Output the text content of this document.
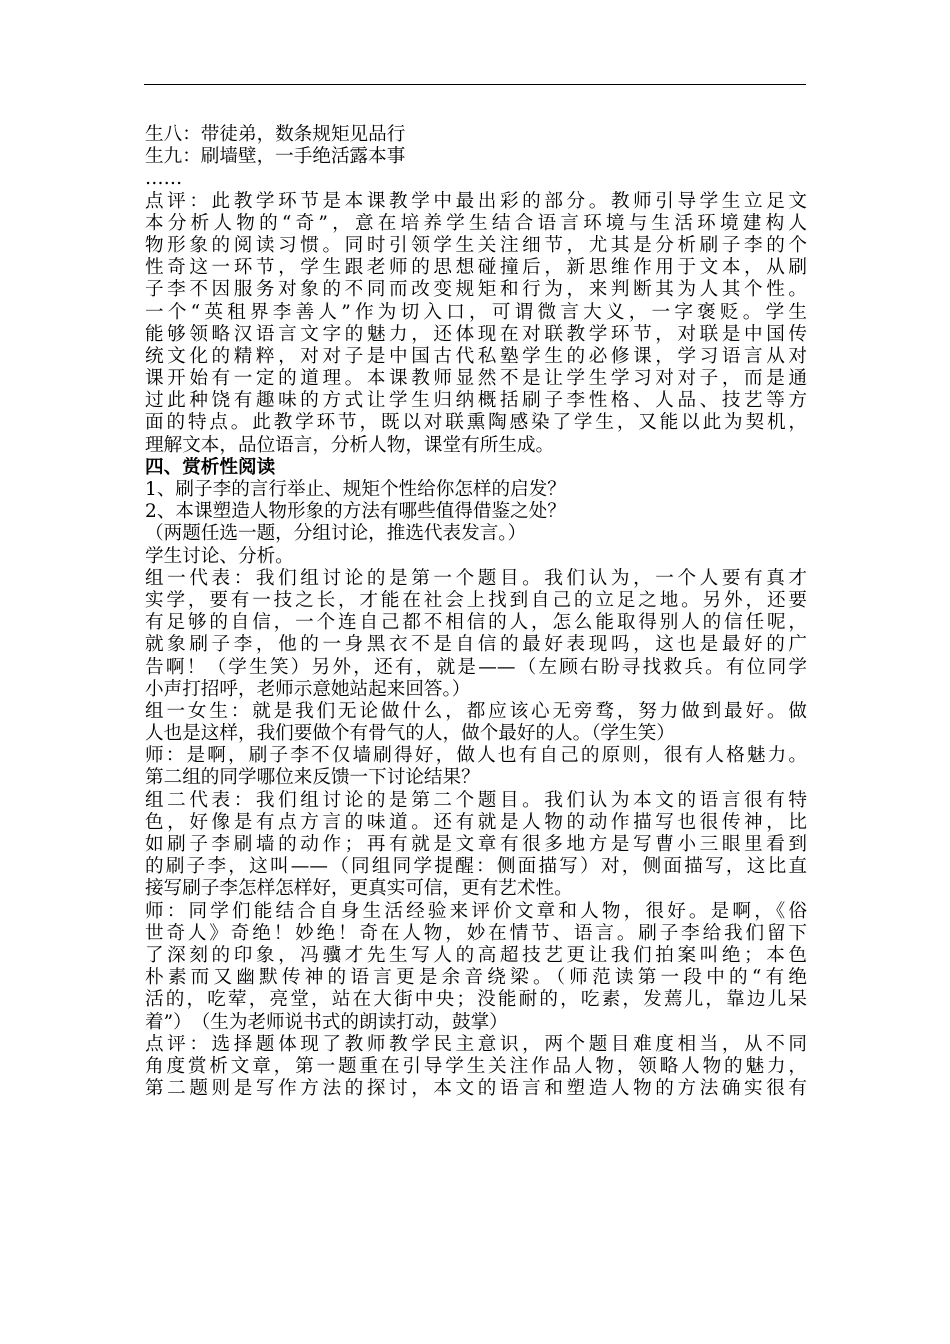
生八：带徒弟，数条规矩见品行
生九：刷墙壁，一手绝活露本事
……
点评：此教学环节是本课教学中最出彩的部分。教师引导学生立足文
本分析人物的“奇”，意在培养学生结合语言环境与生活环境建构人
物形象的阅读习惯。同时引领学生关注细节，尤其是分析刷子李的个
性奇这一环节，学生跟老师的思想碰撞后，新思维作用于文本，从刷
子李不因服务对象的不同而改变规矩和行为，来判断其为人其个性。
一个“英租界李善人”作为切入口，可谓微言大义，一字褒贬。学生
能够领略汉语言文字的魅力，还体现在对联教学环节，对联是中国传
统文化的精粹，对对子是中国古代私塾学生的必修课，学习语言从对
课开始有一定的道理。本课教师显然不是让学生学习对对子，而是通
过此种饶有趣味的方式让学生归纳概括刷子李性格、人品、技艺等方
面的特点。此教学环节，既以对联熏陶感染了学生，又能以此为契机，
理解文本，品位语言，分析人物，课堂有所生成。
四、赏析性阅读
1、刷子李的言行举止、规矩个性给你怎样的启发？
2、本课塑造人物形象的方法有哪些值得借鉴之处？
（两题任选一题，分组讨论，推选代表发言。）
学生讨论、分析。
组一代表：我们组讨论的是第一个题目。我们认为，一个人要有真才
实学，要有一技之长，才能在社会上找到自己的立足之地。另外，还要
有足够的自信，一个连自己都不相信的人，怎么能取得别人的信任呢，
就象刷子李，他的一身黑衣不是自信的最好表现吗，这也是最好的广
告啊！（学生笑）另外，还有，就是——（左顾右盼寻找救兵。有位同学
小声打招呼，老师示意她站起来回答。）
组一女生：就是我们无论做什么，都应该心无旁骛，努力做到最好。做
人也是这样，我们要做个有骨气的人，做个最好的人。（学生笑）
师：是啊，刷子李不仅墙刷得好，做人也有自己的原则，很有人格魅力。
第二组的同学哪位来反馈一下讨论结果？
组二代表：我们组讨论的是第二个题目。我们认为本文的语言很有特
色，好像是有点方言的味道。还有就是人物的动作描写也很传神，比
如刷子李刷墙的动作；再有就是文章有很多地方是写曹小三眼里看到
的刷子李，这叫——（同组同学提醒：侧面描写）对，侧面描写，这比直
接写刷子李怎样怎样好，更真实可信，更有艺术性。
师：同学们能结合自身生活经验来评价文章和人物，很好。是啊，《俗
世奇人》奇绝！妙绝！奇在人物，妙在情节、语言。刷子李给我们留下
了深刻的印象，冯骥才先生写人的高超技艺更让我们拍案叫绝；本色
朴素而又幽默传神的语言更是余音绕梁。（师范读第一段中的“有绝
活的，吃荤，亮堂，站在大街中央；没能耐的，吃素，发蔫儿，靠边儿呆
着”）　（生为老师说书式的朗读打动，鼓掌）
点评：选择题体现了教师教学民主意识，两个题目难度相当，从不同
角度赏析文章，第一题重在引导学生关注作品人物，领略人物的魅力，
第二题则是写作方法的探讨，本文的语言和塑造人物的方法确实很有
